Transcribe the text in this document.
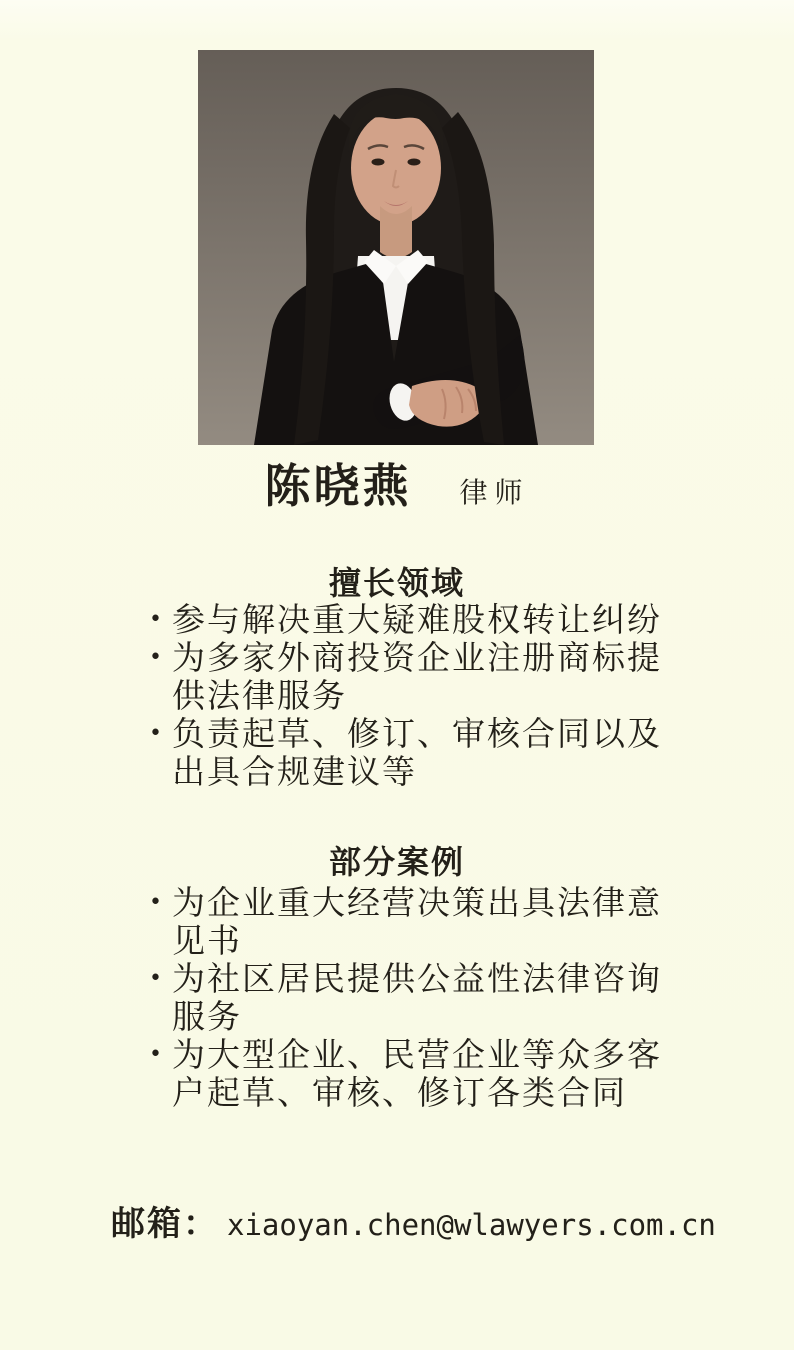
陈晓燕 律师
擅长领域
• 参与解决重大疑难股权转让纠纷
• 为多家外商投资企业注册商标提供法律服务
• 负责起草、修订、审核合同以及出具合规建议等
部分案例
• 为企业重大经营决策出具法律意见书
• 为社区居民提供公益性法律咨询服务
• 为大型企业、民营企业等众多客户起草、审核、修订各类合同
邮箱： xiaoyan.chen@wlawyers.com.cn
